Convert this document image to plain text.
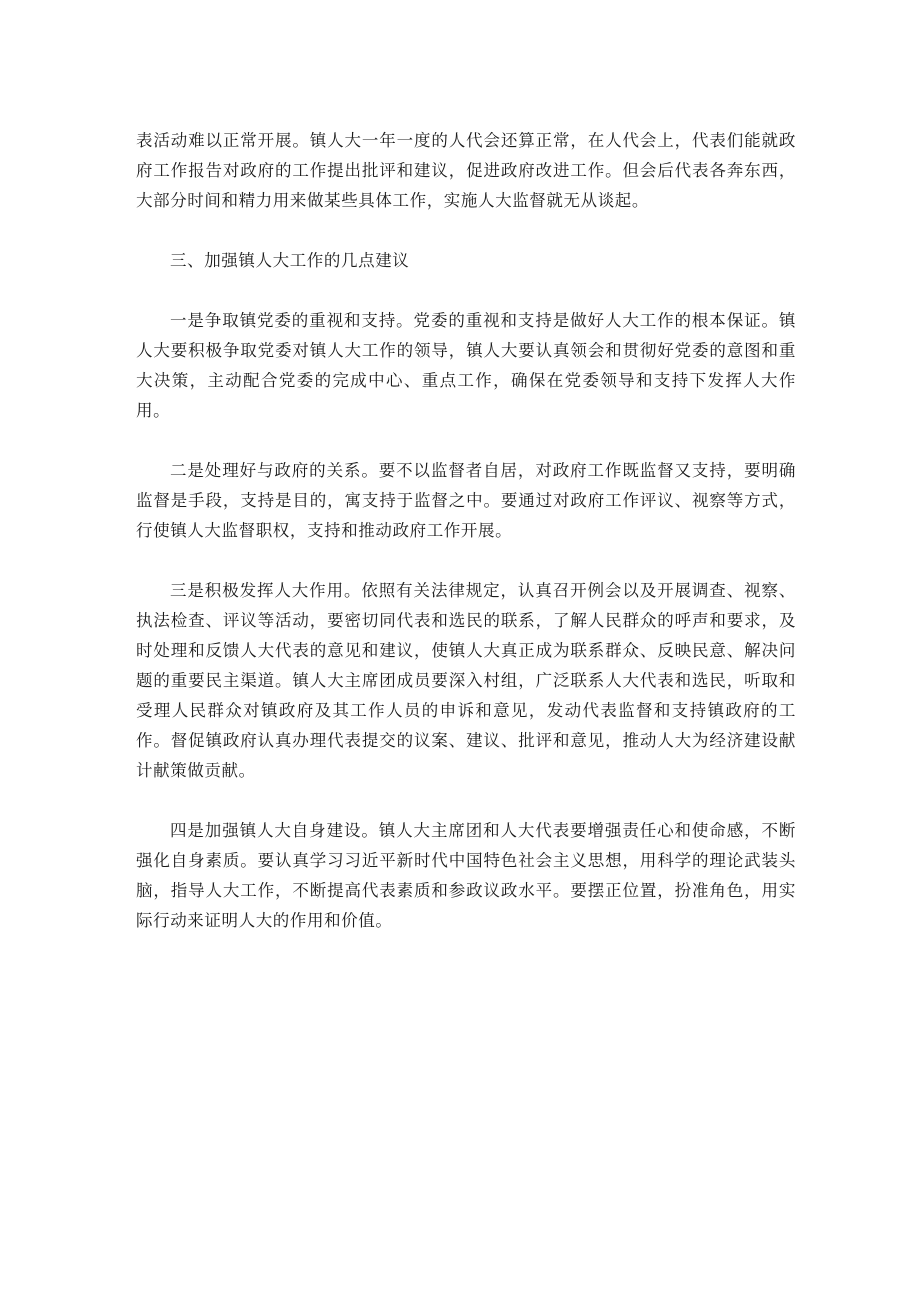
表活动难以正常开展。镇人大一年一度的人代会还算正常，在人代会上，代表们能就政府工作报告对政府的工作提出批评和建议，促进政府改进工作。但会后代表各奔东西，大部分时间和精力用来做某些具体工作，实施人大监督就无从谈起。

三、加强镇人大工作的几点建议

一是争取镇党委的重视和支持。党委的重视和支持是做好人大工作的根本保证。镇人大要积极争取党委对镇人大工作的领导，镇人大要认真领会和贯彻好党委的意图和重大决策，主动配合党委的完成中心、重点工作，确保在党委领导和支持下发挥人大作用。

二是处理好与政府的关系。要不以监督者自居，对政府工作既监督又支持，要明确监督是手段，支持是目的，寓支持于监督之中。要通过对政府工作评议、视察等方式，行使镇人大监督职权，支持和推动政府工作开展。

三是积极发挥人大作用。依照有关法律规定，认真召开例会以及开展调查、视察、执法检查、评议等活动，要密切同代表和选民的联系，了解人民群众的呼声和要求，及时处理和反馈人大代表的意见和建议，使镇人大真正成为联系群众、反映民意、解决问题的重要民主渠道。镇人大主席团成员要深入村组，广泛联系人大代表和选民，听取和受理人民群众对镇政府及其工作人员的申诉和意见，发动代表监督和支持镇政府的工作。督促镇政府认真办理代表提交的议案、建议、批评和意见，推动人大为经济建设献计献策做贡献。

四是加强镇人大自身建设。镇人大主席团和人大代表要增强责任心和使命感，不断强化自身素质。要认真学习习近平新时代中国特色社会主义思想，用科学的理论武装头脑，指导人大工作，不断提高代表素质和参政议政水平。要摆正位置，扮准角色，用实际行动来证明人大的作用和价值。
